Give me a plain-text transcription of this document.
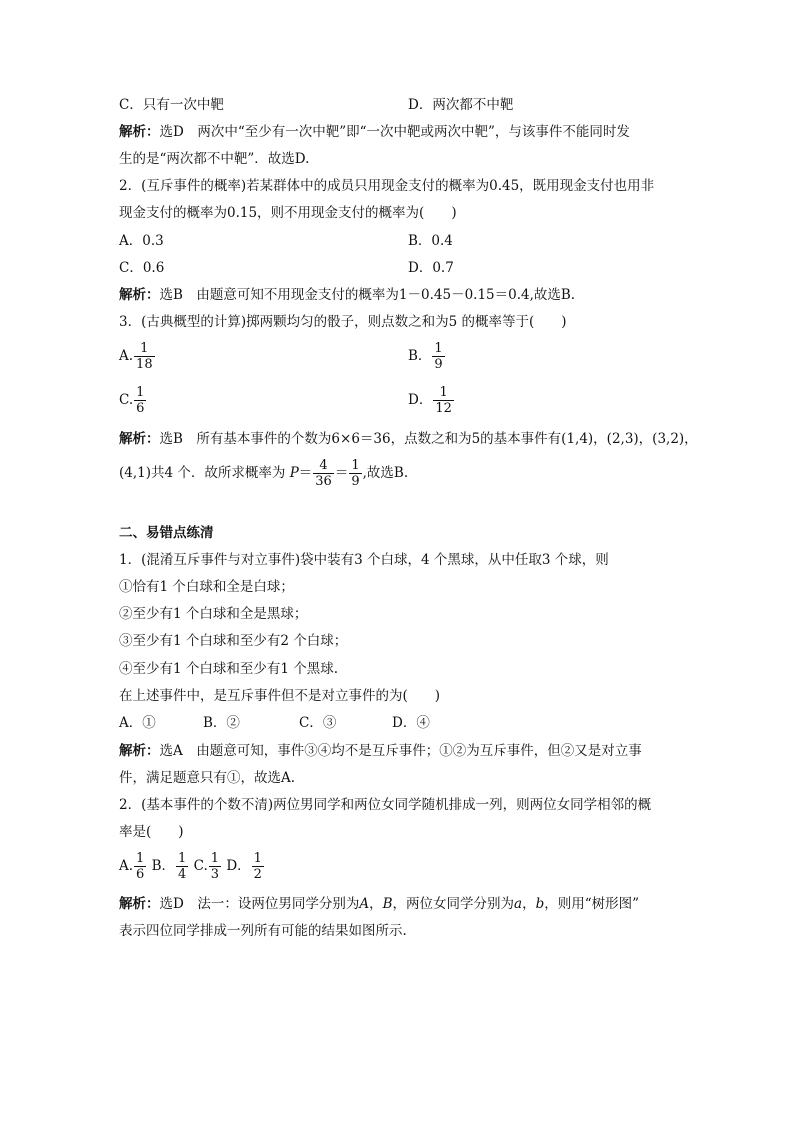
C．只有一次中靶	D．两次都不中靶
解析：选D　两次中“至少有一次中靶”即“一次中靶或两次中靶”，与该事件不能同时发
生的是“两次都不中靶”．故选D.
2．(互斥事件的概率)若某群体中的成员只用现金支付的概率为0.45，既用现金支付也用非
现金支付的概率为0.15，则不用现金支付的概率为(　　)
A．0.3	B．0.4
C．0.6	D．0.7
解析：选B　由题意可知不用现金支付的概率为1－0.45－0.15＝0.4,故选B.
3．(古典概型的计算)掷两颗均匀的骰子，则点数之和为5 的概率等于(　　)
A. $\frac{1}{18}$	B． $\frac{1}{9}$
C. $\frac{1}{6}$	D． $\frac{1}{12}$
解析：选B　所有基本事件的个数为6×6＝36，点数之和为5的基本事件有(1,4)，(2,3)，(3,2)，
(4,1)共4 个．故所求概率为 $P= \frac{4}{36} = \frac{1}{9}$ ,故选B.
二、易错点练清
1．(混淆互斥事件与对立事件)袋中装有3 个白球，4 个黑球，从中任取3 个球，则
①恰有1 个白球和全是白球；
②至少有1 个白球和全是黑球；
③至少有1 个白球和至少有2 个白球；
④至少有1 个白球和至少有1 个黑球.
在上述事件中，是互斥事件但不是对立事件的为(　　)
A．①	B．②	C．③	D．④
解析：选A　由题意可知，事件③④均不是互斥事件；①②为互斥事件，但②又是对立事
件，满足题意只有①，故选A.
2．(基本事件的个数不清)两位男同学和两位女同学随机排成一列，则两位女同学相邻的概
率是(　　)
A. $\frac{1}{6}$ B． $\frac{1}{4} C$. $\frac{1}{3}$ D． $\frac{1}{2}$
解析：选D　法一：设两位男同学分别为A，B，两位女同学分别为a，b，则用“树形图”
表示四位同学排成一列所有可能的结果如图所示.
